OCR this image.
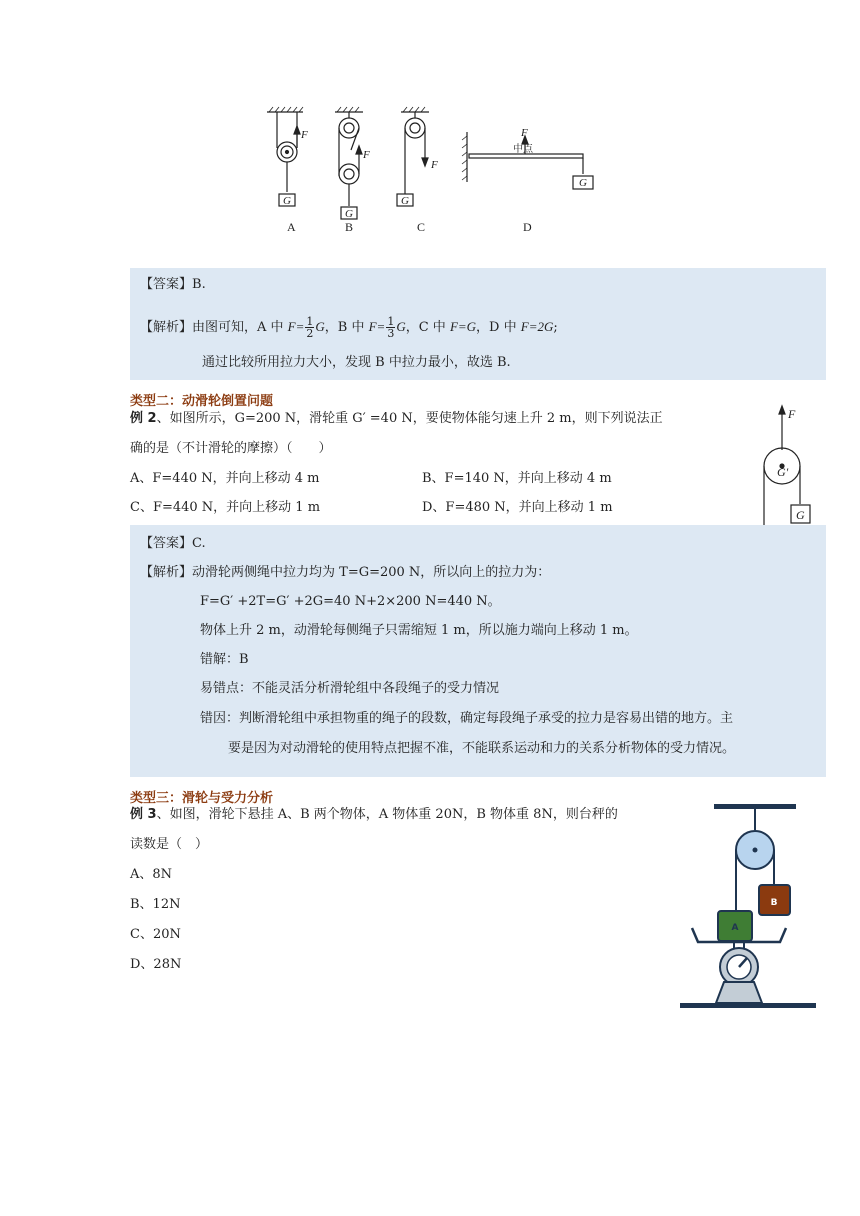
F
G
F
G
F
G
F
G
中点
A	B	C	D
【答案】B.
【解析】由图可知，A 中 $F= \frac{1}{2}$ G，B 中 $F= \frac{1}{3}$ G，C 中 F=G，D 中 F=2G;
通过比较所用拉力大小，发现 B 中拉力最小，故选 B.
类型二：动滑轮倒置问题
例 2、如图所示，G=200 N，滑轮重 G′ =40 N，要使物体能匀速上升 2 m，则下列说法正
确的是（不计滑轮的摩擦）（　　）
A、F=440 N，并向上移动 4 m	B、F=140 N，并向上移动 4 m
C、F=440 N，并向上移动 1 m	D、F=480 N，并向上移动 1 m
F
G′
G
【答案】C.
【解析】动滑轮两侧绳中拉力均为 T=G=200 N，所以向上的拉力为：
F=G′ +2T=G′ +2G=40 N+2×200 N=440 N。
物体上升 2 m，动滑轮每侧绳子只需缩短 1 m，所以施力端向上移动 1 m。
错解：B
易错点：不能灵活分析滑轮组中各段绳子的受力情况
错因：判断滑轮组中承担物重的绳子的段数，确定每段绳子承受的拉力是容易出错的地方。主
要是因为对动滑轮的使用特点把握不准，不能联系运动和力的关系分析物体的受力情况。
类型三：滑轮与受力分析
例 3、如图，滑轮下悬挂 A、B 两个物体，A 物体重 20N，B 物体重 8N，则台秤的
读数是（　）
A、8N
B、12N
C、20N
D、28N
B
A
